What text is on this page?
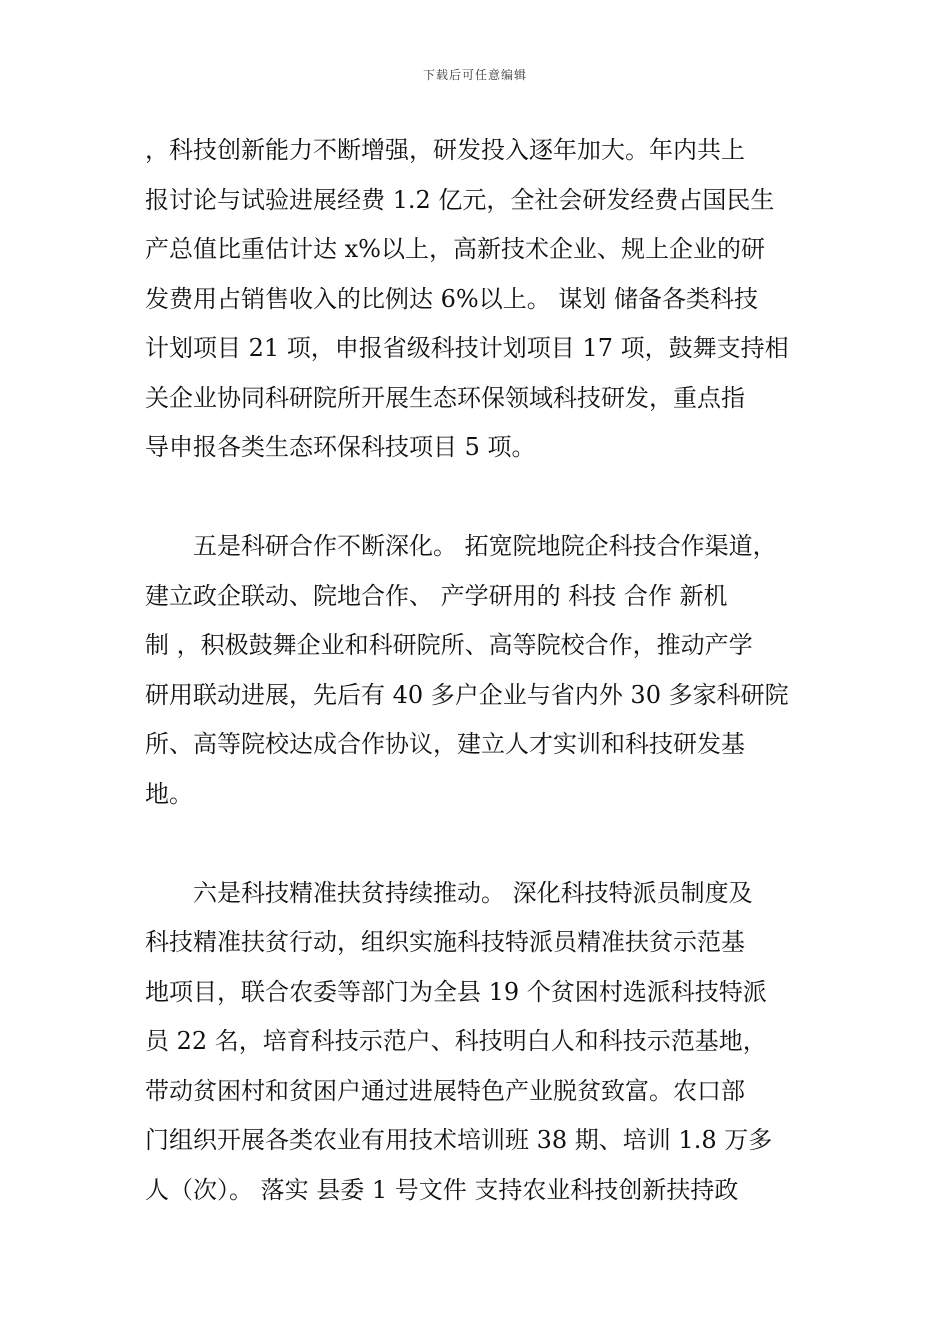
下载后可任意编辑
，科技创新能力不断增强，研发投入逐年加大。年内共上
报讨论与试验进展经费 1.2 亿元，全社会研发经费占国民生
产总值比重估计达 x%以上，高新技术企业、规上企业的研
发费用占销售收入的比例达 6%以上。 谋划 储备各类科技
计划项目 21 项，申报省级科技计划项目 17 项，鼓舞支持相
关企业协同科研院所开展生态环保领域科技研发，重点指
导申报各类生态环保科技项目 5 项。
　　五是科研合作不断深化。 拓宽院地院企科技合作渠道，
建立政企联动、院地合作、 产学研用的 科技 合作 新机
制 ，积极鼓舞企业和科研院所、高等院校合作，推动产学
研用联动进展，先后有 40 多户企业与省内外 30 多家科研院
所、高等院校达成合作协议，建立人才实训和科技研发基
地。
　　六是科技精准扶贫持续推动。 深化科技特派员制度及
科技精准扶贫行动，组织实施科技特派员精准扶贫示范基
地项目，联合农委等部门为全县 19 个贫困村选派科技特派
员 22 名，培育科技示范户、科技明白人和科技示范基地，
带动贫困村和贫困户通过进展特色产业脱贫致富。农口部
门组织开展各类农业有用技术培训班 38 期、培训 1.8 万多
人（次）。 落实 县委 1 号文件 支持农业科技创新扶持政
